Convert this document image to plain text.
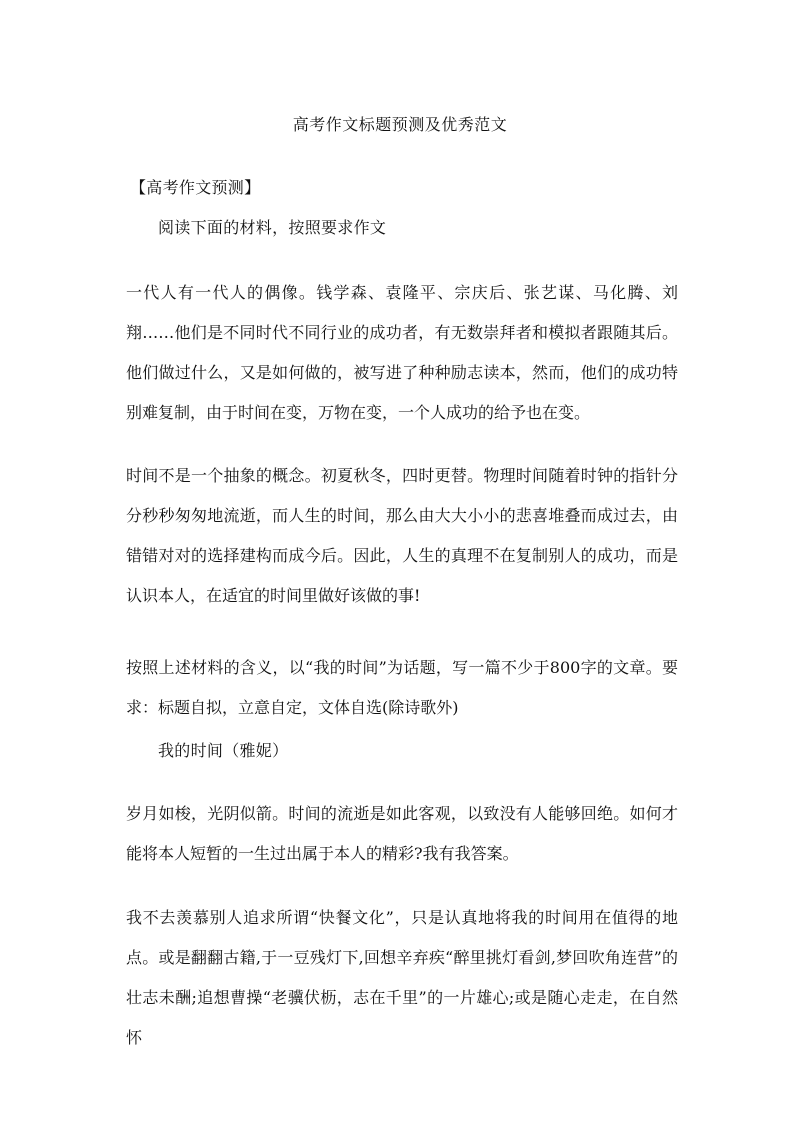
高考作文标题预测及优秀范文
【高考作文预测】
阅读下面的材料，按照要求作文

一代人有一代人的偶像。钱学森、袁隆平、宗庆后、张艺谋、马化腾、刘翔……他们是不同时代不同行业的成功者，有无数崇拜者和模拟者跟随其后。他们做过什么，又是如何做的，被写进了种种励志读本，然而，他们的成功特别难复制，由于时间在变，万物在变，一个人成功的给予也在变。

时间不是一个抽象的概念。初夏秋冬，四时更替。物理时间随着时钟的指针分分秒秒匆匆地流逝，而人生的时间，那么由大大小小的悲喜堆叠而成过去，由错错对对的选择建构而成今后。因此，人生的真理不在复制别人的成功，而是认识本人，在适宜的时间里做好该做的事!

按照上述材料的含义，以“我的时间”为话题，写一篇不少于800字的文章。要求：标题自拟，立意自定，文体自选(除诗歌外)

我的时间（雅妮）

岁月如梭，光阴似箭。时间的流逝是如此客观，以致没有人能够回绝。如何才能将本人短暂的一生过出属于本人的精彩?我有我答案。

我不去羡慕别人追求所谓“快餐文化”，只是认真地将我的时间用在值得的地点。或是翻翻古籍,于一豆残灯下,回想辛弃疾“醉里挑灯看剑,梦回吹角连营”的壮志未酬;追想曹操“老骥伏枥，志在千里”的一片雄心;或是随心走走，在自然怀
